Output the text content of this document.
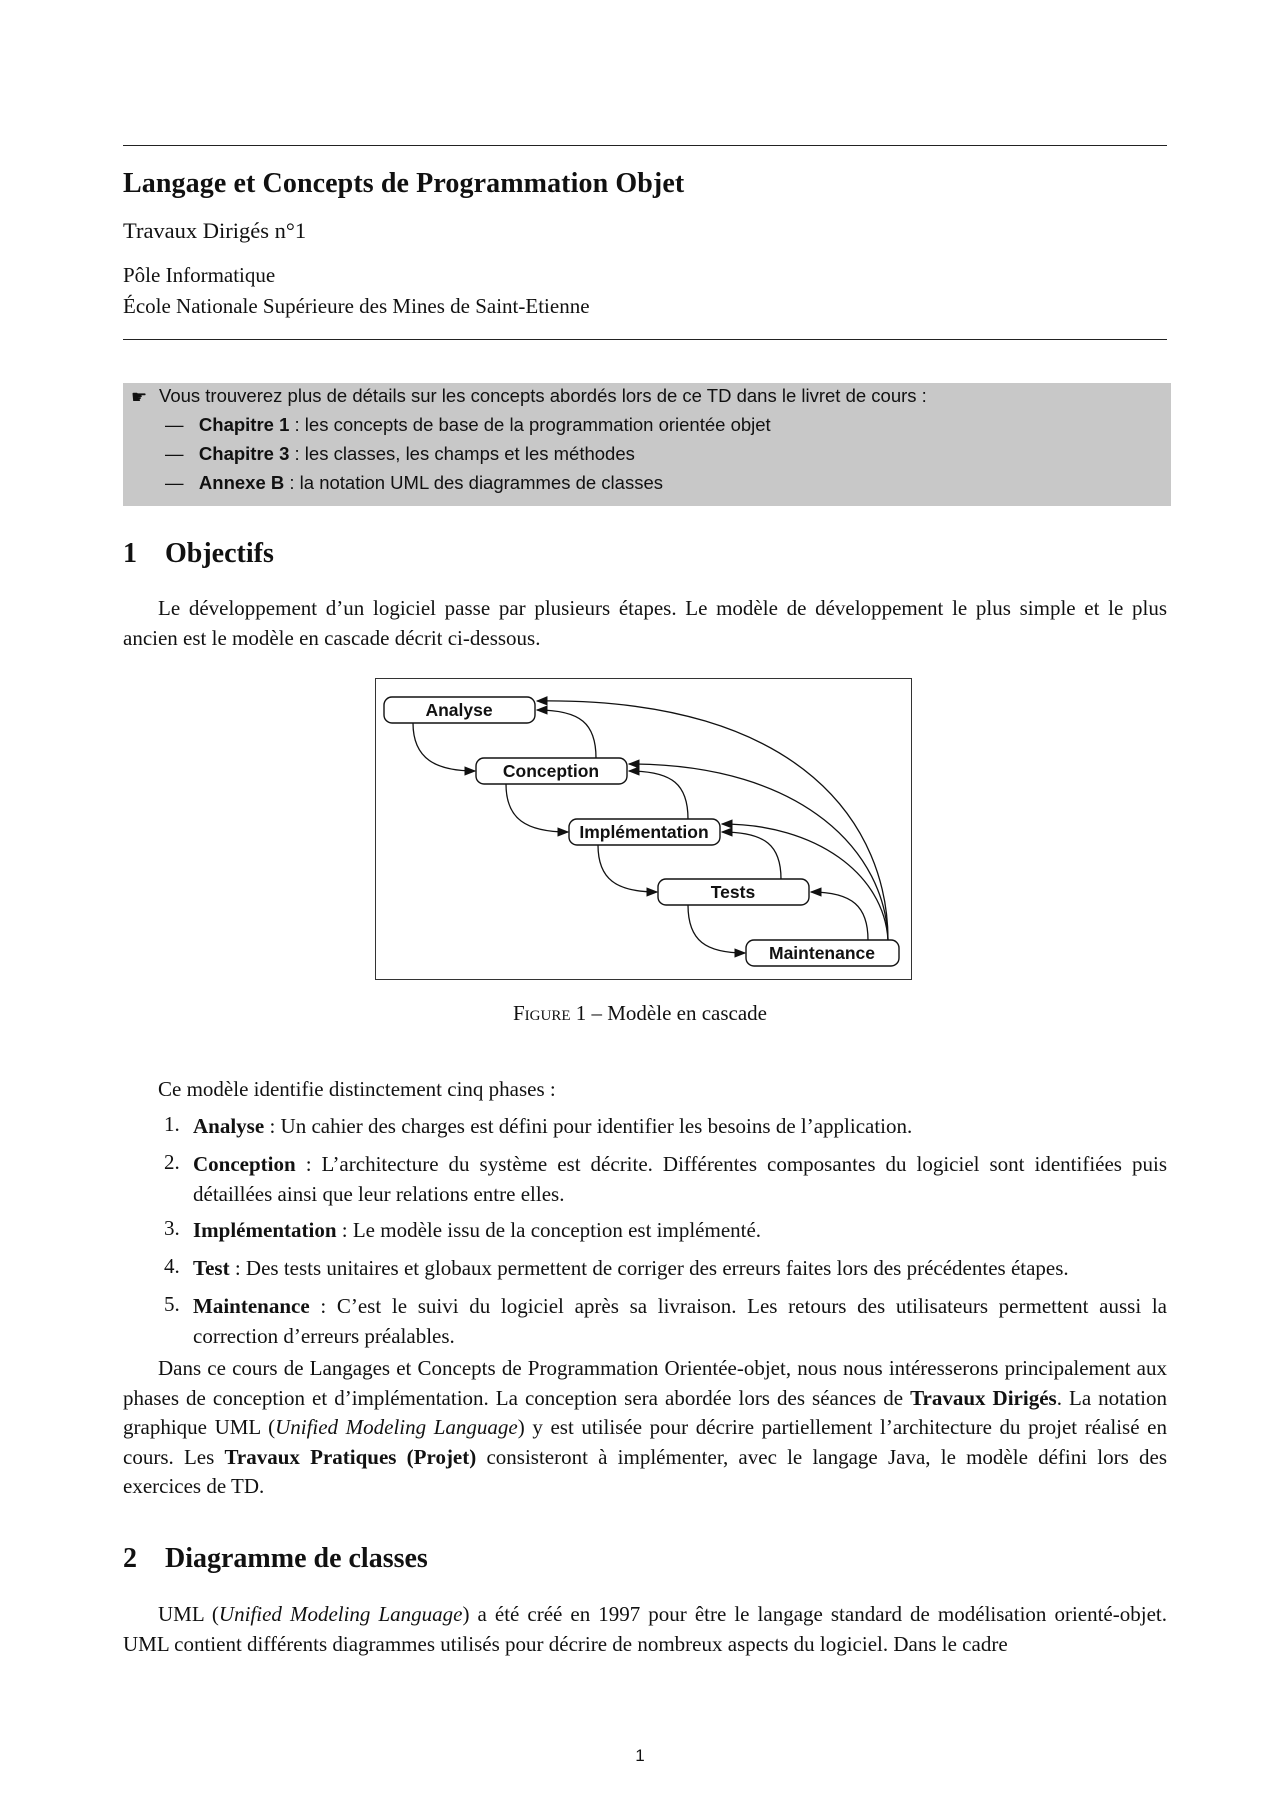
Langage et Concepts de Programmation Objet
Travaux Dirigés n°1
Pôle Informatique
École Nationale Supérieure des Mines de Saint-Etienne
☛ Vous trouverez plus de détails sur les concepts abordés lors de ce TD dans le livret de cours :
— Chapitre 1 : les concepts de base de la programmation orientée objet
— Chapitre 3 : les classes, les champs et les méthodes
— Annexe B : la notation UML des diagrammes de classes
1 Objectifs
Le développement d’un logiciel passe par plusieurs étapes. Le modèle de développement le plus simple et le plus ancien est le modèle en cascade décrit ci-dessous.
Analyse
Conception
Implémentation
Tests
Maintenance
Figure 1 – Modèle en cascade
Ce modèle identifie distinctement cinq phases :
1. Analyse : Un cahier des charges est défini pour identifier les besoins de l’application.
2. Conception : L’architecture du système est décrite. Différentes composantes du logiciel sont identifiées puis détaillées ainsi que leur relations entre elles.
3. Implémentation : Le modèle issu de la conception est implémenté.
4. Test : Des tests unitaires et globaux permettent de corriger des erreurs faites lors des précédentes étapes.
5. Maintenance : C’est le suivi du logiciel après sa livraison. Les retours des utilisateurs permettent aussi la correction d’erreurs préalables.
Dans ce cours de Langages et Concepts de Programmation Orientée-objet, nous nous intéresserons principalement aux phases de conception et d’implémentation. La conception sera abordée lors des séances de Travaux Dirigés. La notation graphique UML (Unified Modeling Language) y est utilisée pour décrire partiellement l’architecture du projet réalisé en cours. Les Travaux Pratiques (Projet) consisteront à implémenter, avec le langage Java, le modèle défini lors des exercices de TD.
2 Diagramme de classes
UML (Unified Modeling Language) a été créé en 1997 pour être le langage standard de modélisation orienté-objet. UML contient différents diagrammes utilisés pour décrire de nombreux aspects du logiciel. Dans le cadre
1
